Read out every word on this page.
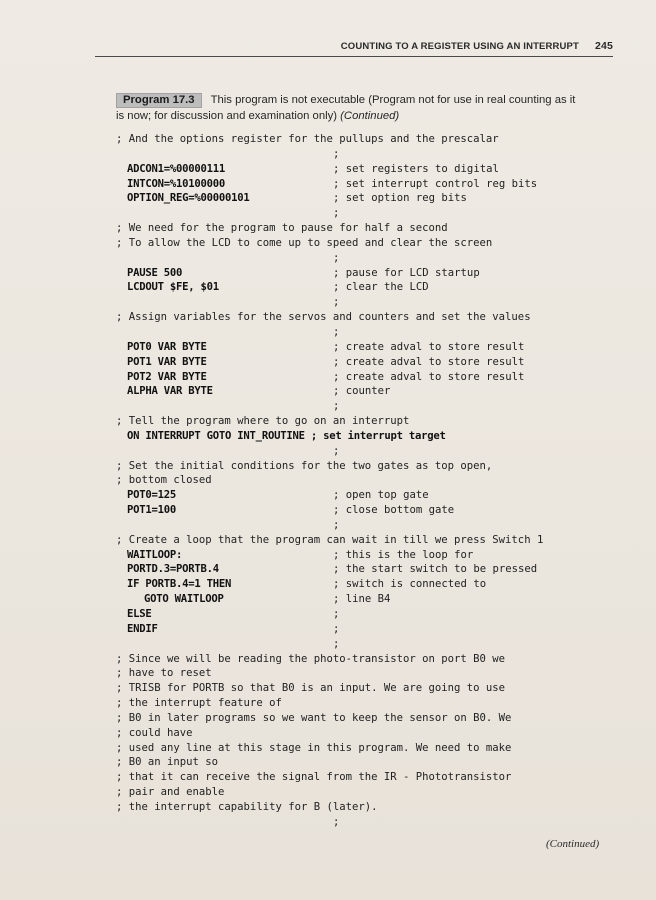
COUNTING TO A REGISTER USING AN INTERRUPT 245
Program 17.3 This program is not executable (Program not for use in real counting as it is now; for discussion and examination only) (Continued)
; And the options register for the pullups and the prescalar
;
ADCON1=%00000111	; set registers to digital
INTCON=%10100000	; set interrupt control reg bits
OPTION_REG=%00000101	; set option reg bits
;
; We need for the program to pause for half a second
; To allow the LCD to come up to speed and clear the screen
;
PAUSE 500	; pause for LCD startup
LCDOUT $FE, $01	; clear the LCD
;
; Assign variables for the servos and counters and set the values
;
POT0 VAR BYTE	; create adval to store result
POT1 VAR BYTE	; create adval to store result
POT2 VAR BYTE	; create adval to store result
ALPHA VAR BYTE	; counter
;
; Tell the program where to go on an interrupt
ON INTERRUPT GOTO INT_ROUTINE ; set interrupt target
;
; Set the initial conditions for the two gates as top open,
; bottom closed
POT0=125	; open top gate
POT1=100	; close bottom gate
;
; Create a loop that the program can wait in till we press Switch 1
WAITLOOP:	; this is the loop for
PORTD.3=PORTB.4	; the start switch to be pressed
IF PORTB.4=1 THEN	; switch is connected to
GOTO WAITLOOP	; line B4
ELSE	;
ENDIF	;
;
; Since we will be reading the photo-transistor on port B0 we
; have to reset
; TRISB for PORTB so that B0 is an input. We are going to use
; the interrupt feature of
; B0 in later programs so we want to keep the sensor on B0. We
; could have
; used any line at this stage in this program. We need to make
; B0 an input so
; that it can receive the signal from the IR - Phototransistor
; pair and enable
; the interrupt capability for B (later).
;
(Continued)
